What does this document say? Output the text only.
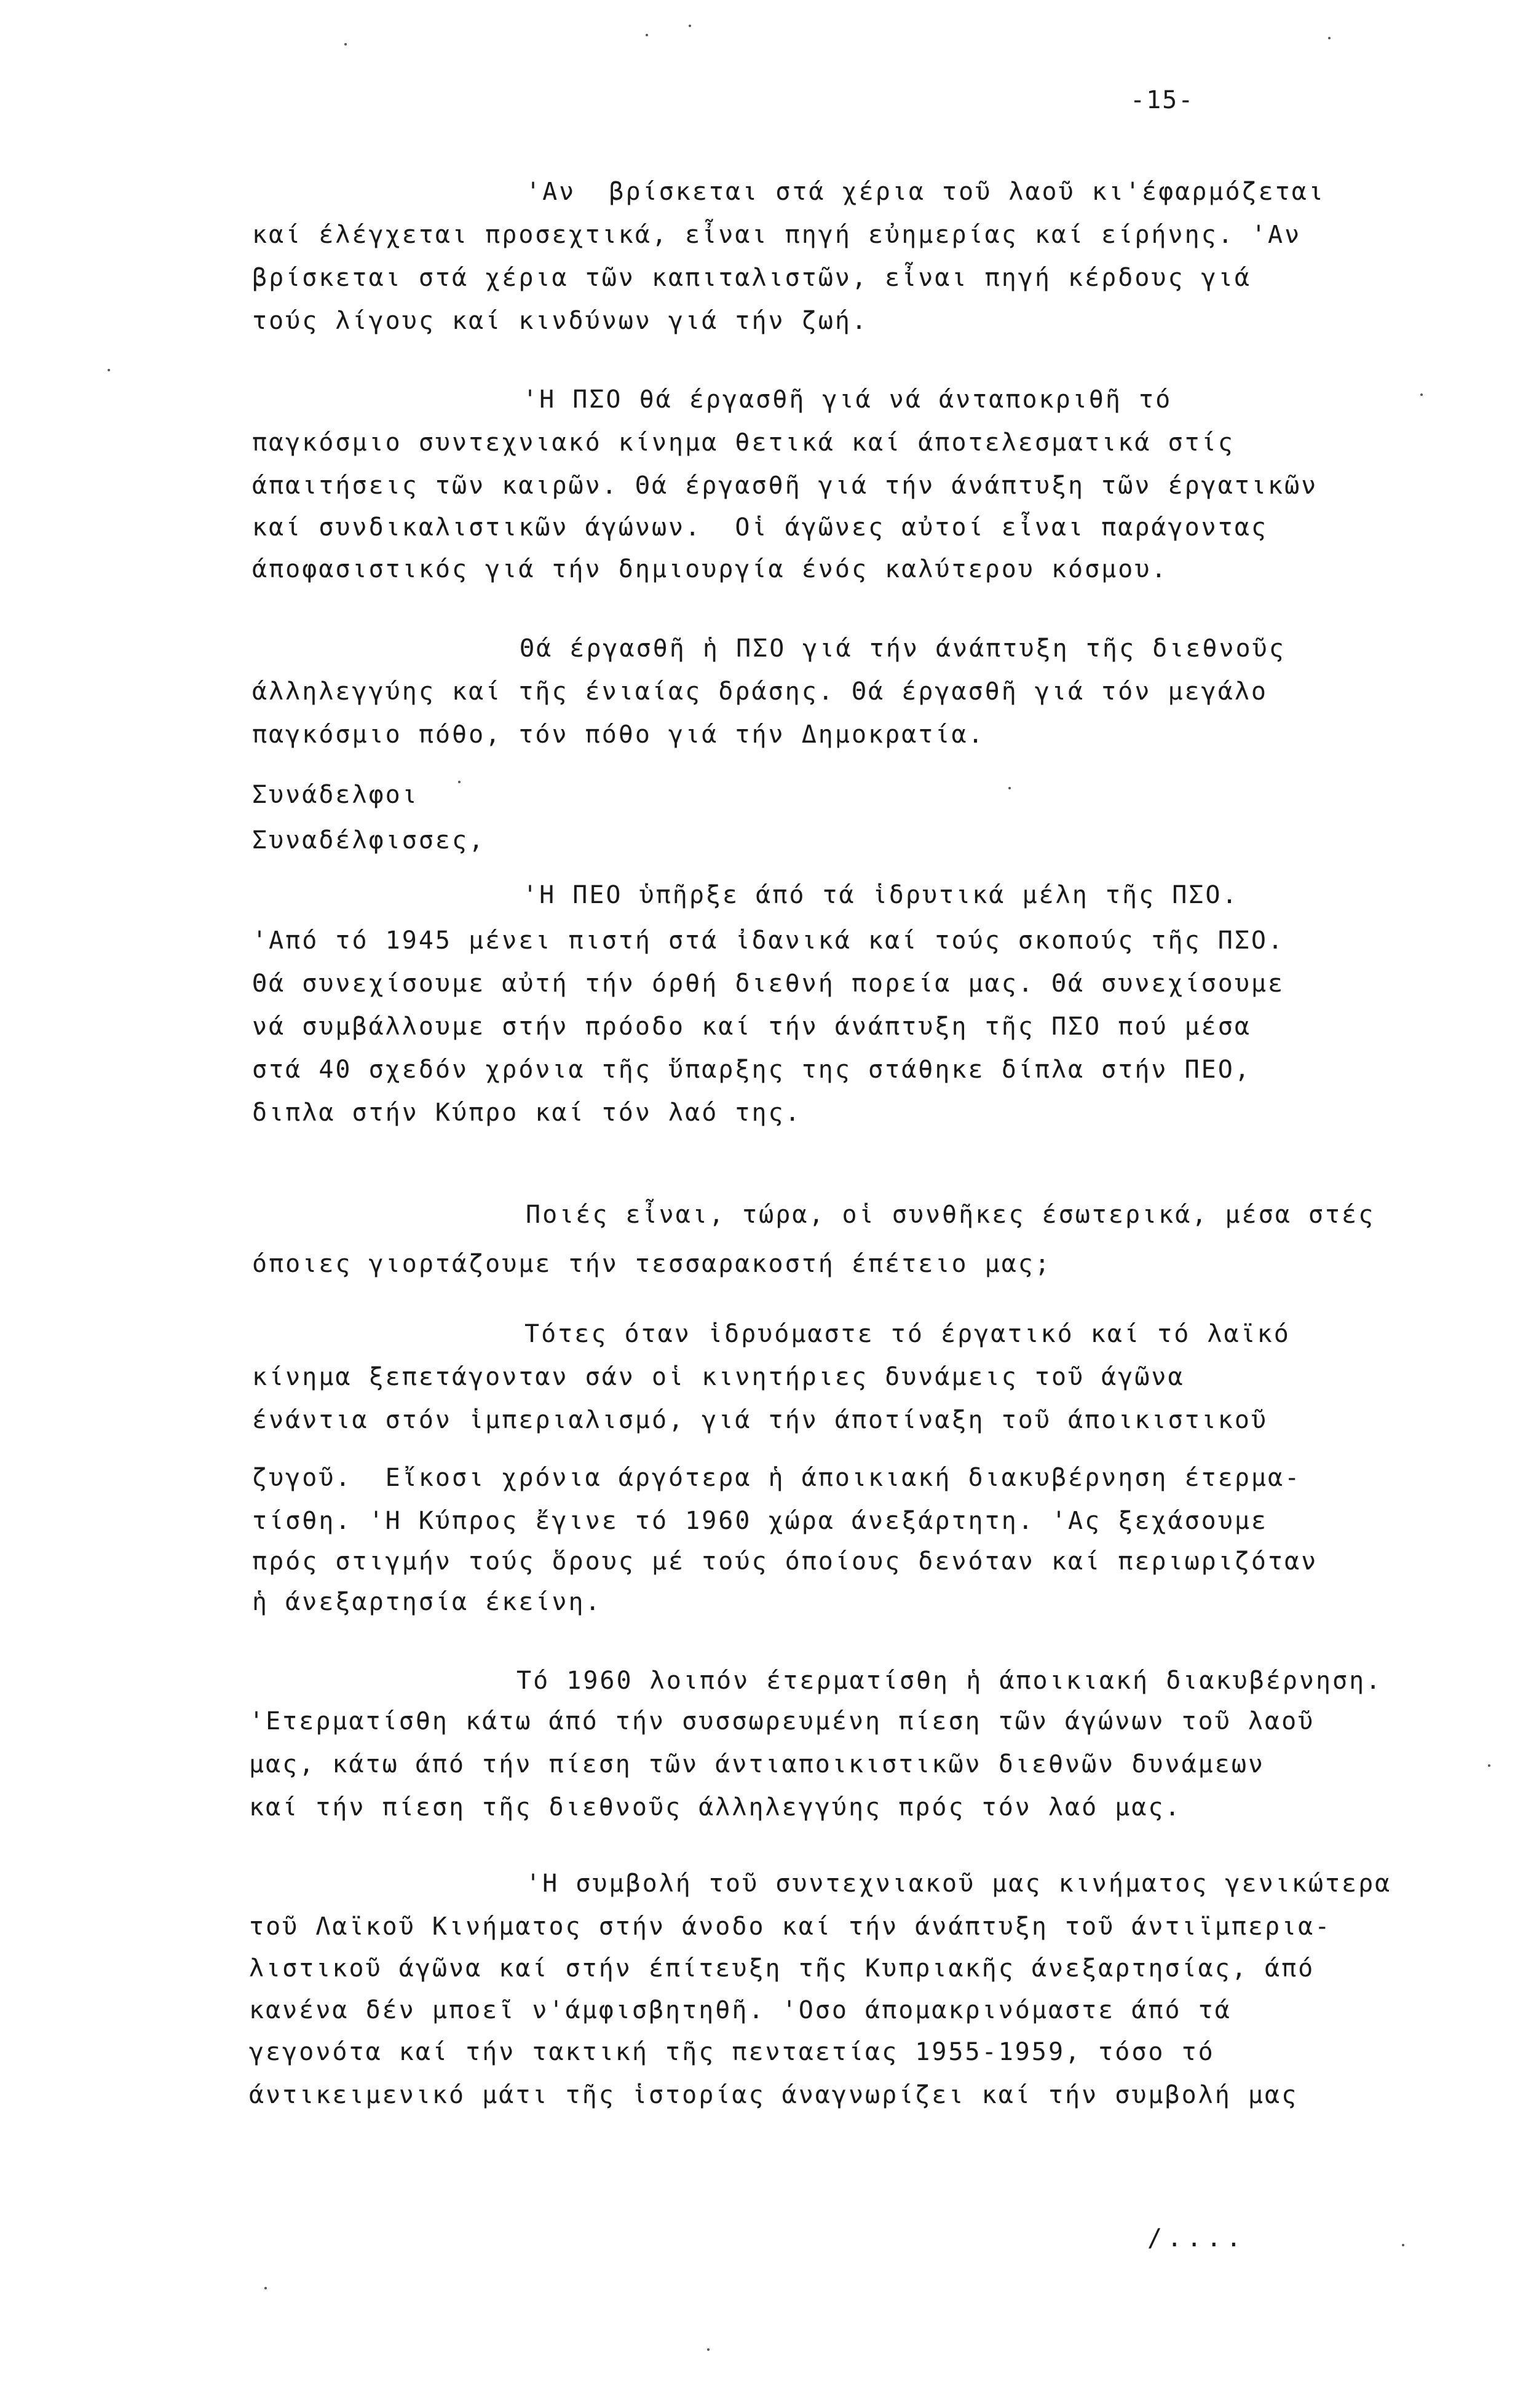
-15-
'Αν  βρίσκεται στά χέρια τοῦ λαοῦ κι'έφαρμόζεται
καί έλέγχεται προσεχτικά, εἶναι πηγή εὐημερίας καί είρήνης. 'Αν
βρίσκεται στά χέρια τῶν καπιταλιστῶν, εἶναι πηγή κέρδους γιά
τούς λίγους καί κινδύνων γιά τήν ζωή.
'Η ΠΣΟ θά έργασθῆ γιά νά άνταποκριθῆ τό
παγκόσμιο συντεχνιακό κίνημα θετικά καί άποτελεσματικά στίς
άπαιτήσεις τῶν καιρῶν. Θά έργασθῆ γιά τήν άνάπτυξη τῶν έργατικῶν
καί συνδικαλιστικῶν άγώνων.  Οἱ άγῶνες αὐτοί εἶναι παράγοντας
άποφασιστικός γιά τήν δημιουργία ένός καλύτερου κόσμου.
Θά έργασθῆ ἡ ΠΣΟ γιά τήν άνάπτυξη τῆς διεθνοῦς
άλληλεγγύης καί τῆς ένιαίας δράσης. Θά έργασθῆ γιά τόν μεγάλο
παγκόσμιο πόθο, τόν πόθο γιά τήν Δημοκρατία.
Συνάδελφοι
Συναδέλφισσες,
'Η ΠΕΟ ὑπῆρξε άπό τά ἱδρυτικά μέλη τῆς ΠΣΟ.
'Από τό 1945 μένει πιστή στά ἰδανικά καί τούς σκοπούς τῆς ΠΣΟ.
Θά συνεχίσουμε αὐτή τήν όρθή διεθνή πορεία μας. Θά συνεχίσουμε
νά συμβάλλουμε στήν πρόοδο καί τήν άνάπτυξη τῆς ΠΣΟ πού μέσα
στά 40 σχεδόν χρόνια τῆς ὕπαρξης της στάθηκε δίπλα στήν ΠΕΟ,
διπλα στήν Κύπρο καί τόν λαό της.
Ποιές εἶναι, τώρα, οἱ συνθῆκες έσωτερικά, μέσα στές
όποιες γιορτάζουμε τήν τεσσαρακοστή έπέτειο μας;
Τότες όταν ἱδρυόμαστε τό έργατικό καί τό λαϊκό
κίνημα ξεπετάγονταν σάν οἱ κινητήριες δυνάμεις τοῦ άγῶνα
ένάντια στόν ἱμπεριαλισμό, γιά τήν άποτίναξη τοῦ άποικιστικοῦ
ζυγοῦ.  Εἴκοσι χρόνια άργότερα ἡ άποικιακή διακυβέρνηση έτερμα-
τίσθη. 'Η Κύπρος ἔγινε τό 1960 χώρα άνεξάρτητη. 'Ας ξεχάσουμε
πρός στιγμήν τούς ὅρους μέ τούς όποίους δενόταν καί περιωριζόταν
ἡ άνεξαρτησία έκείνη.
Τό 1960 λοιπόν έτερματίσθη ἡ άποικιακή διακυβέρνηση.
'Ετερματίσθη κάτω άπό τήν συσσωρευμένη πίεση τῶν άγώνων τοῦ λαοῦ
μας, κάτω άπό τήν πίεση τῶν άντιαποικιστικῶν διεθνῶν δυνάμεων
καί τήν πίεση τῆς διεθνοῦς άλληλεγγύης πρός τόν λαό μας.
'Η συμβολή τοῦ συντεχνιακοῦ μας κινήματος γενικώτερα
τοῦ Λαϊκοῦ Κινήματος στήν άνοδο καί τήν άνάπτυξη τοῦ άντιϊμπερια-
λιστικοῦ άγῶνα καί στήν έπίτευξη τῆς Κυπριακῆς άνεξαρτησίας, άπό
κανένα δέν μποεῖ ν'άμφισβητηθῆ. 'Οσο άπομακρινόμαστε άπό τά
γεγονότα καί τήν τακτική τῆς πενταετίας 1955-1959, τόσο τό
άντικειμενικό μάτι τῆς ἱστορίας άναγνωρίζει καί τήν συμβολή μας
/....
